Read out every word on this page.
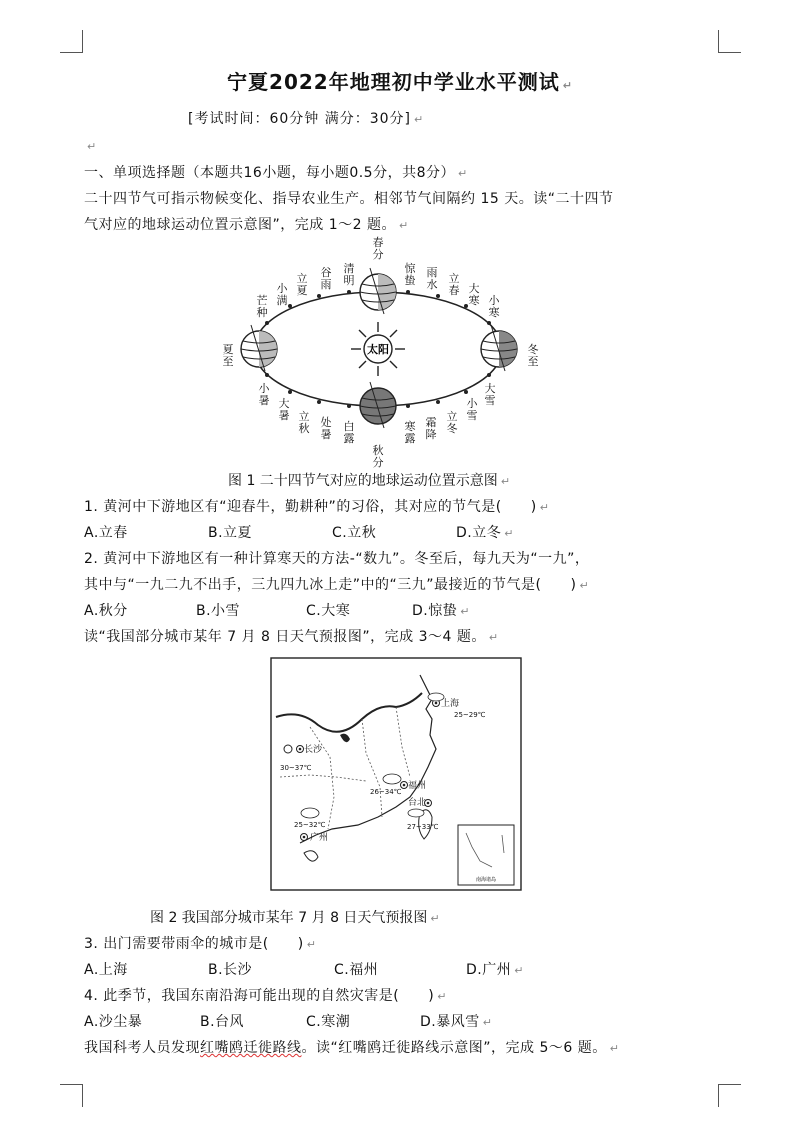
宁夏2022年地理初中学业水平测试 ↵
[考试时间：60分钟 满分：30分] ↵
↵
一、单项选择题（本题共16小题，每小题0.5分，共8分） ↵
二十四节气可指示物候变化、指导农业生产。相邻节气间隔约 15 天。读“二十四节
气对应的地球运动位置示意图”，完成 1～2 题。 ↵
太阳
春分
秋分
夏至
冬至
清明
谷雨
立夏
小满
芒种
惊蛰
雨水 立春 大寒 小寒
小暑 大暑 立秋 处暑
白露
寒露
霜降
立冬
小雪
大雪
图 1 二十四节气对应的地球运动位置示意图 ↵
1. 黄河中下游地区有“迎春牛，勤耕种”的习俗，其对应的节气是(　　) ↵
A.立春	B.立夏	C.立秋	D.立冬 ↵
2. 黄河中下游地区有一种计算寒天的方法-“数九”。冬至后，每九天为“一九”，
其中与“一九二九不出手，三九四九冰上走”中的“三九”最接近的节气是(　　) ↵
A.秋分	B.小雪	C.大寒	D.惊蛰 ↵
读“我国部分城市某年 7 月 8 日天气预报图”，完成 3～4 题。 ↵
南海诸岛
上海
25~29℃
长沙
30~37℃
福州
26~34℃
台北
27~33℃
广州
25~32℃
图 2 我国部分城市某年 7 月 8 日天气预报图 ↵
3. 出门需要带雨伞的城市是(　　) ↵
A.上海	B.长沙	C.福州	D.广州 ↵
4. 此季节，我国东南沿海可能出现的自然灾害是(　　) ↵
A.沙尘暴	B.台风	C.寒潮	D.暴风雪 ↵
我国科考人员发现红嘴鸥迁徙路线。读“红嘴鸥迁徙路线示意图”，完成 5～6 题。 ↵
